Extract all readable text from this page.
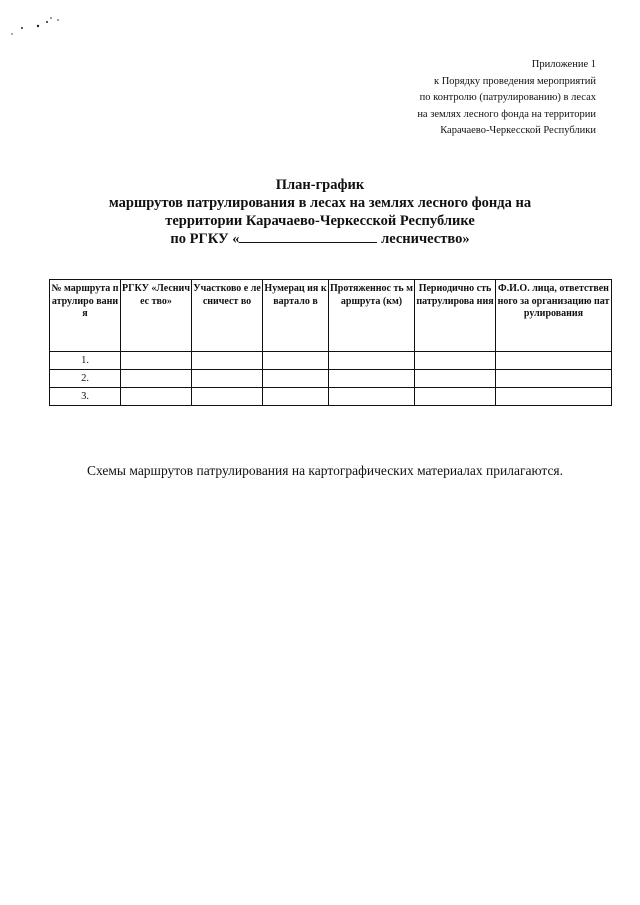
Приложение 1
к Порядку проведения мероприятий
по контролю (патрулированию) в лесах
на землях лесного фонда на территории
Карачаево-Черкесской Республики
План-график
маршрутов патрулирования в лесах на землях лесного фонда на
территории Карачаево-Черкесской Республике
по РГКУ «	лесничество»
№ маршрута патрулиро вания	РГКУ «Лесничес тво»	Участково е лесничест во	Нумерац ия квартало в	Протяженнос ть маршрута (км)	Периодично сть патрулирова ния	Ф.И.О. лица, ответственного за организацию патрулирования
1.						
2.						
3.						
Схемы маршрутов патрулирования на картографических материалах прилагаются.
